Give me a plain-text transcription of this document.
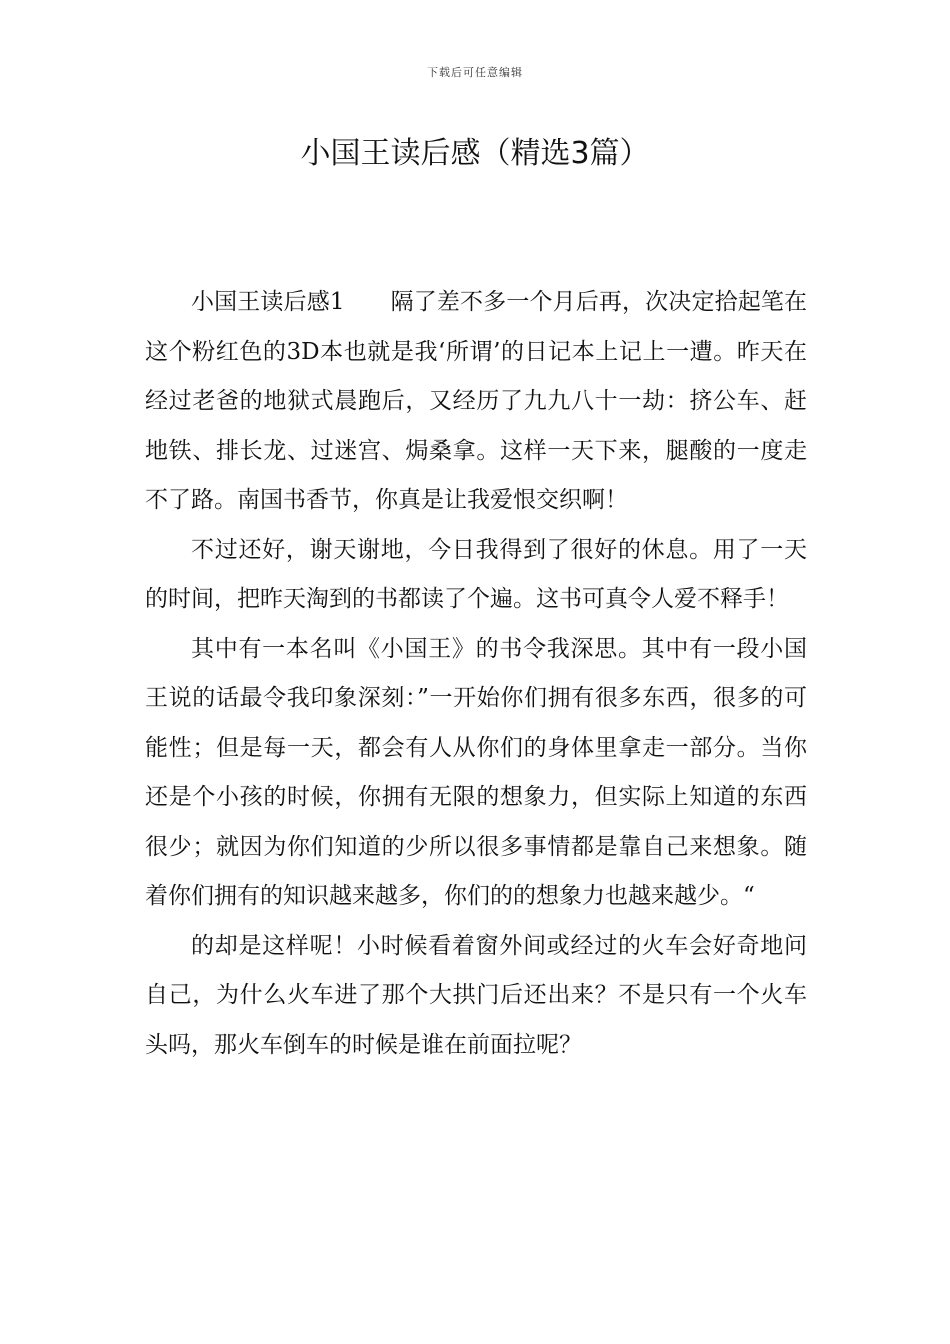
下载后可任意编辑
小国王读后感（精选3篇）

小国王读后感1 隔了差不多一个月后再，次决定拾起笔在这个粉红色的3D本也就是我‘所谓’的日记本上记上一遭。昨天在经过老爸的地狱式晨跑后，又经历了九九八十一劫：挤公车、赶地铁、排长龙、过迷宫、焗桑拿。这样一天下来，腿酸的一度走不了路。南国书香节，你真是让我爱恨交织啊！

不过还好，谢天谢地，今日我得到了很好的休息。用了一天的时间，把昨天淘到的书都读了个遍。这书可真令人爱不释手！

其中有一本名叫《小国王》的书令我深思。其中有一段小国王说的话最令我印象深刻：”一开始你们拥有很多东西，很多的可能性；但是每一天，都会有人从你们的身体里拿走一部分。当你还是个小孩的时候，你拥有无限的想象力，但实际上知道的东西很少；就因为你们知道的少所以很多事情都是靠自己来想象。随着你们拥有的知识越来越多，你们的的想象力也越来越少。“

的却是这样呢！小时候看着窗外间或经过的火车会好奇地问自己，为什么火车进了那个大拱门后还出来？不是只有一个火车头吗，那火车倒车的时候是谁在前面拉呢？
